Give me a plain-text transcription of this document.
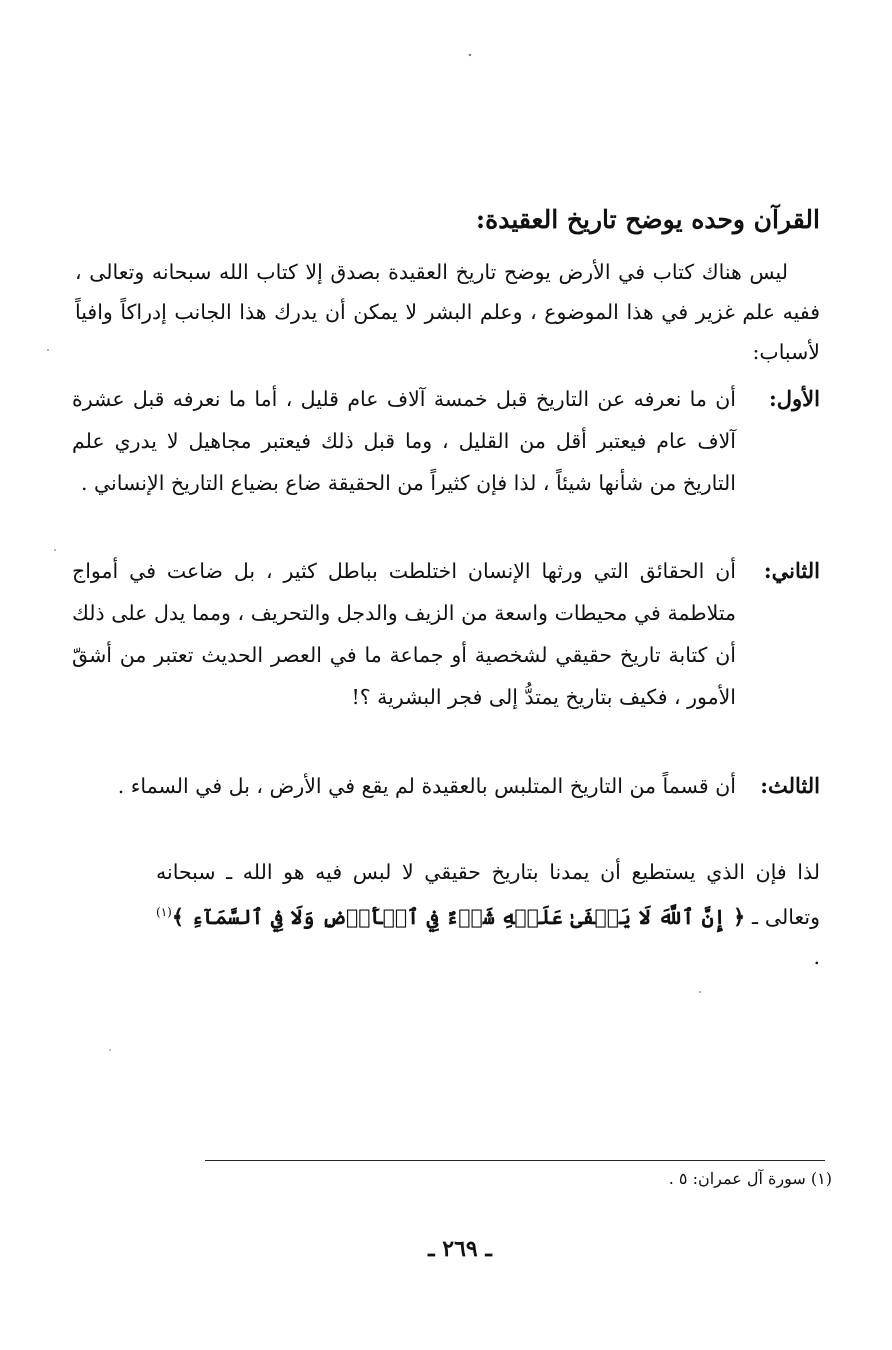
القرآن وحده يوضح تاريخ العقيدة:

ليس هناك كتاب في الأرض يوضح تاريخ العقيدة بصدق إلا كتاب الله سبحانه وتعالى ، ففيه علم غزير في هذا الموضوع ، وعلم البشر لا يمكن أن يدرك هذا الجانب إدراكاً وافياً لأسباب:

الأول:
أن ما نعرفه عن التاريخ قبل خمسة آلاف عام قليل ، أما ما نعرفه قبل عشرة آلاف عام فيعتبر أقل من القليل ، وما قبل ذلك فيعتبر مجاهيل لا يدري علم التاريخ من شأنها شيئاً ، لذا فإن كثيراً من الحقيقة ضاع بضياع التاريخ الإنساني .
الثاني:
أن الحقائق التي ورثها الإنسان اختلطت بباطل كثير ، بل ضاعت في أمواج متلاطمة في محيطات واسعة من الزيف والدجل والتحريف ، ومما يدل على ذلك أن كتابة تاريخ حقيقي لشخصية أو جماعة ما في العصر الحديث تعتبر من أشقّ الأمور ، فكيف بتاريخ يمتدُّ إلى فجر البشرية ؟!
الثالث:
أن قسماً من التاريخ المتلبس بالعقيدة لم يقع في الأرض ، بل في السماء .
لذا فإن الذي يستطيع أن يمدنا بتاريخ حقيقي لا لبس فيه هو الله ـ سبحانه وتعالى ـ ﴿ إِنَّ ٱللَّهَ لَا يَخۡفَىٰ عَلَيۡهِ شَيۡءٌ فِي ٱلۡأَرۡضِ وَلَا فِي ٱلسَّمَآءِ ﴾$^{(١)}$ .
(١) سورة آل عمران: ٥ .
ـ ٢٦٩ ـ
